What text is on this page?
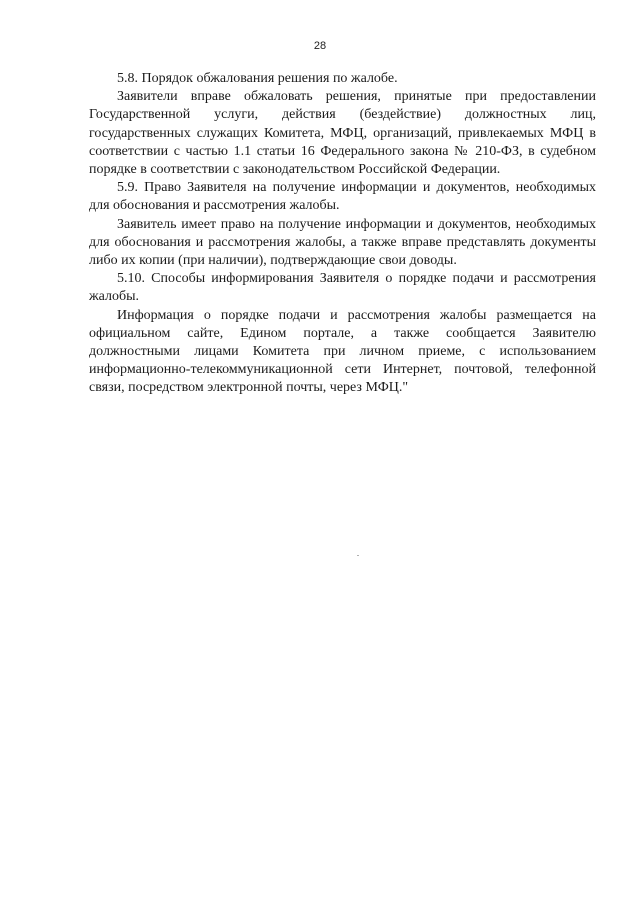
28

5.8. Порядок обжалования решения по жалобе.

Заявители вправе обжаловать решения, принятые при предоставлении Государственной услуги, действия (бездействие) должностных лиц, государственных служащих Комитета, МФЦ, организаций, привлекаемых МФЦ в соответствии с частью 1.1 статьи 16 Федерального закона № 210-ФЗ, в судебном порядке в соответствии с законодательством Российской Федерации.

5.9. Право Заявителя на получение информации и документов, необходимых для обоснования и рассмотрения жалобы.

Заявитель имеет право на получение информации и документов, необходимых для обоснования и рассмотрения жалобы, а также вправе представлять документы либо их копии (при наличии), подтверждающие свои доводы.

5.10. Способы информирования Заявителя о порядке подачи и рассмотрения жалобы.

Информация о порядке подачи и рассмотрения жалобы размещается на официальном сайте, Едином портале, а также сообщается Заявителю должностными лицами Комитета при личном приеме, с использованием информационно-телекоммуникационной сети Интернет, почтовой, телефонной связи, посредством электронной почты, через МФЦ."
